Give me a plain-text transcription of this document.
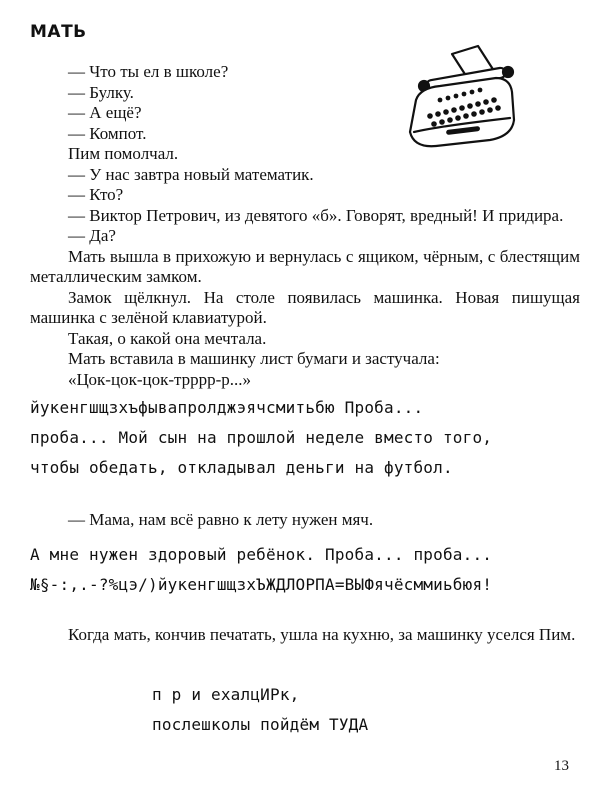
МАТЬ

— Что ты ел в школе?

— Булку.

— А ещё?

— Компот.

Пим помолчал.

— У нас завтра новый математик.

— Кто?

— Виктор Петрович, из девятого «б». Говорят, вредный! И придира.

— Да?

Мать вышла в прихожую и вернулась с ящиком, чёрным, с блестящим металлическим замком.

Замок щёлкнул. На столе появилась машинка. Новая пишущая машинка с зелёной клавиатурой.

Такая, о какой она мечтала.

Мать вставила в машинку лист бумаги и застучала:

«Цок-цок-цок-трррр-р...»

йукенгшщзхъфывапролджэячсмитьбю Проба...
проба... Мой сын на прошлой неделе вместо того,
чтобы обедать, откладывал деньги на футбол.

— Мама, нам всё равно к лету нужен мяч.

А мне нужен здоровый ребёнок. Проба... проба...
№§-:,.-?%цэ/)йукенгшщзхЪЖДЛОРПА=ВЫФячёсммиьбюя!

Когда мать, кончив печатать, ушла на кухню, за машинку уселся Пим.

п р и ехалцИРк,
послешколы пойдём ТУДА
13
